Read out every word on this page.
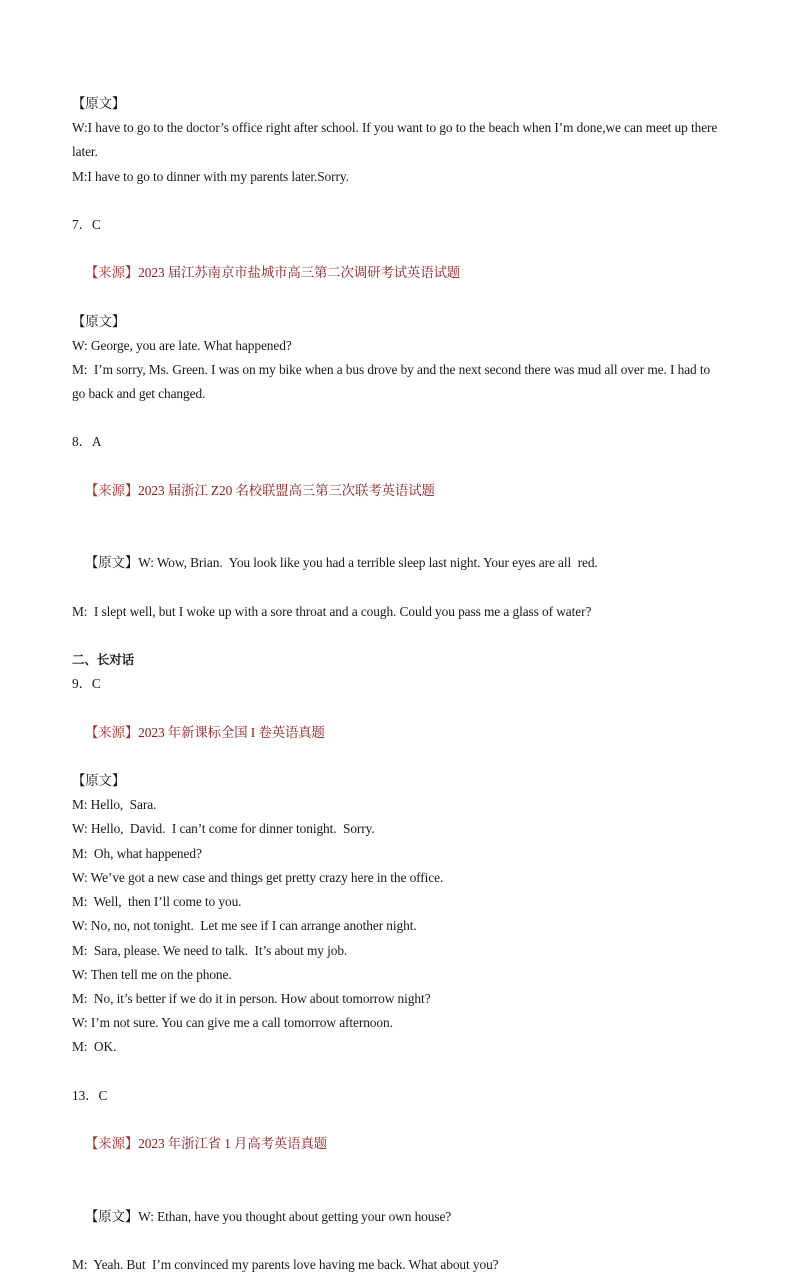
【原文】
W:I have to go to the doctor’s office right after school. If you want to go to the beach when I’m done,we can meet up there later.
M:I have to go to dinner with my parents later.Sorry.
7．C

【来源】2023 届江苏南京市盐城市高三第二次调研考试英语试题

【原文】
W: George, you are late. What happened?
M:  I’m sorry, Ms. Green. I was on my bike when a bus drove by and the next second there was mud all over me. I had to go back and get changed.
8．A

【来源】2023 届浙江 Z20 名校联盟高三第三次联考英语试题

【原文】W: Wow, Brian.  You look like you had a terrible sleep last night. Your eyes are all  red.

M:  I slept well, but I woke up with a sore throat and a cough. Could you pass me a glass of water?
二、长对话
9．C

【来源】2023 年新课标全国 I 卷英语真题

【原文】
M: Hello,  Sara.
W: Hello,  David.  I can’t come for dinner tonight.  Sorry.
M:  Oh, what happened?
W: We’ve got a new case and things get pretty crazy here in the office.
M:  Well,  then I’ll come to you.
W: No, no, not tonight.  Let me see if I can arrange another night.
M:  Sara, please. We need to talk.  It’s about my job.
W: Then tell me on the phone.
M:  No, it’s better if we do it in person. How about tomorrow night?
W: I’m not sure. You can give me a call tomorrow afternoon.
M:  OK.
13．C

【来源】2023 年浙江省 1 月高考英语真题

【原文】W: Ethan, have you thought about getting your own house?

M:  Yeah. But  I’m convinced my parents love having me back. What about you?
